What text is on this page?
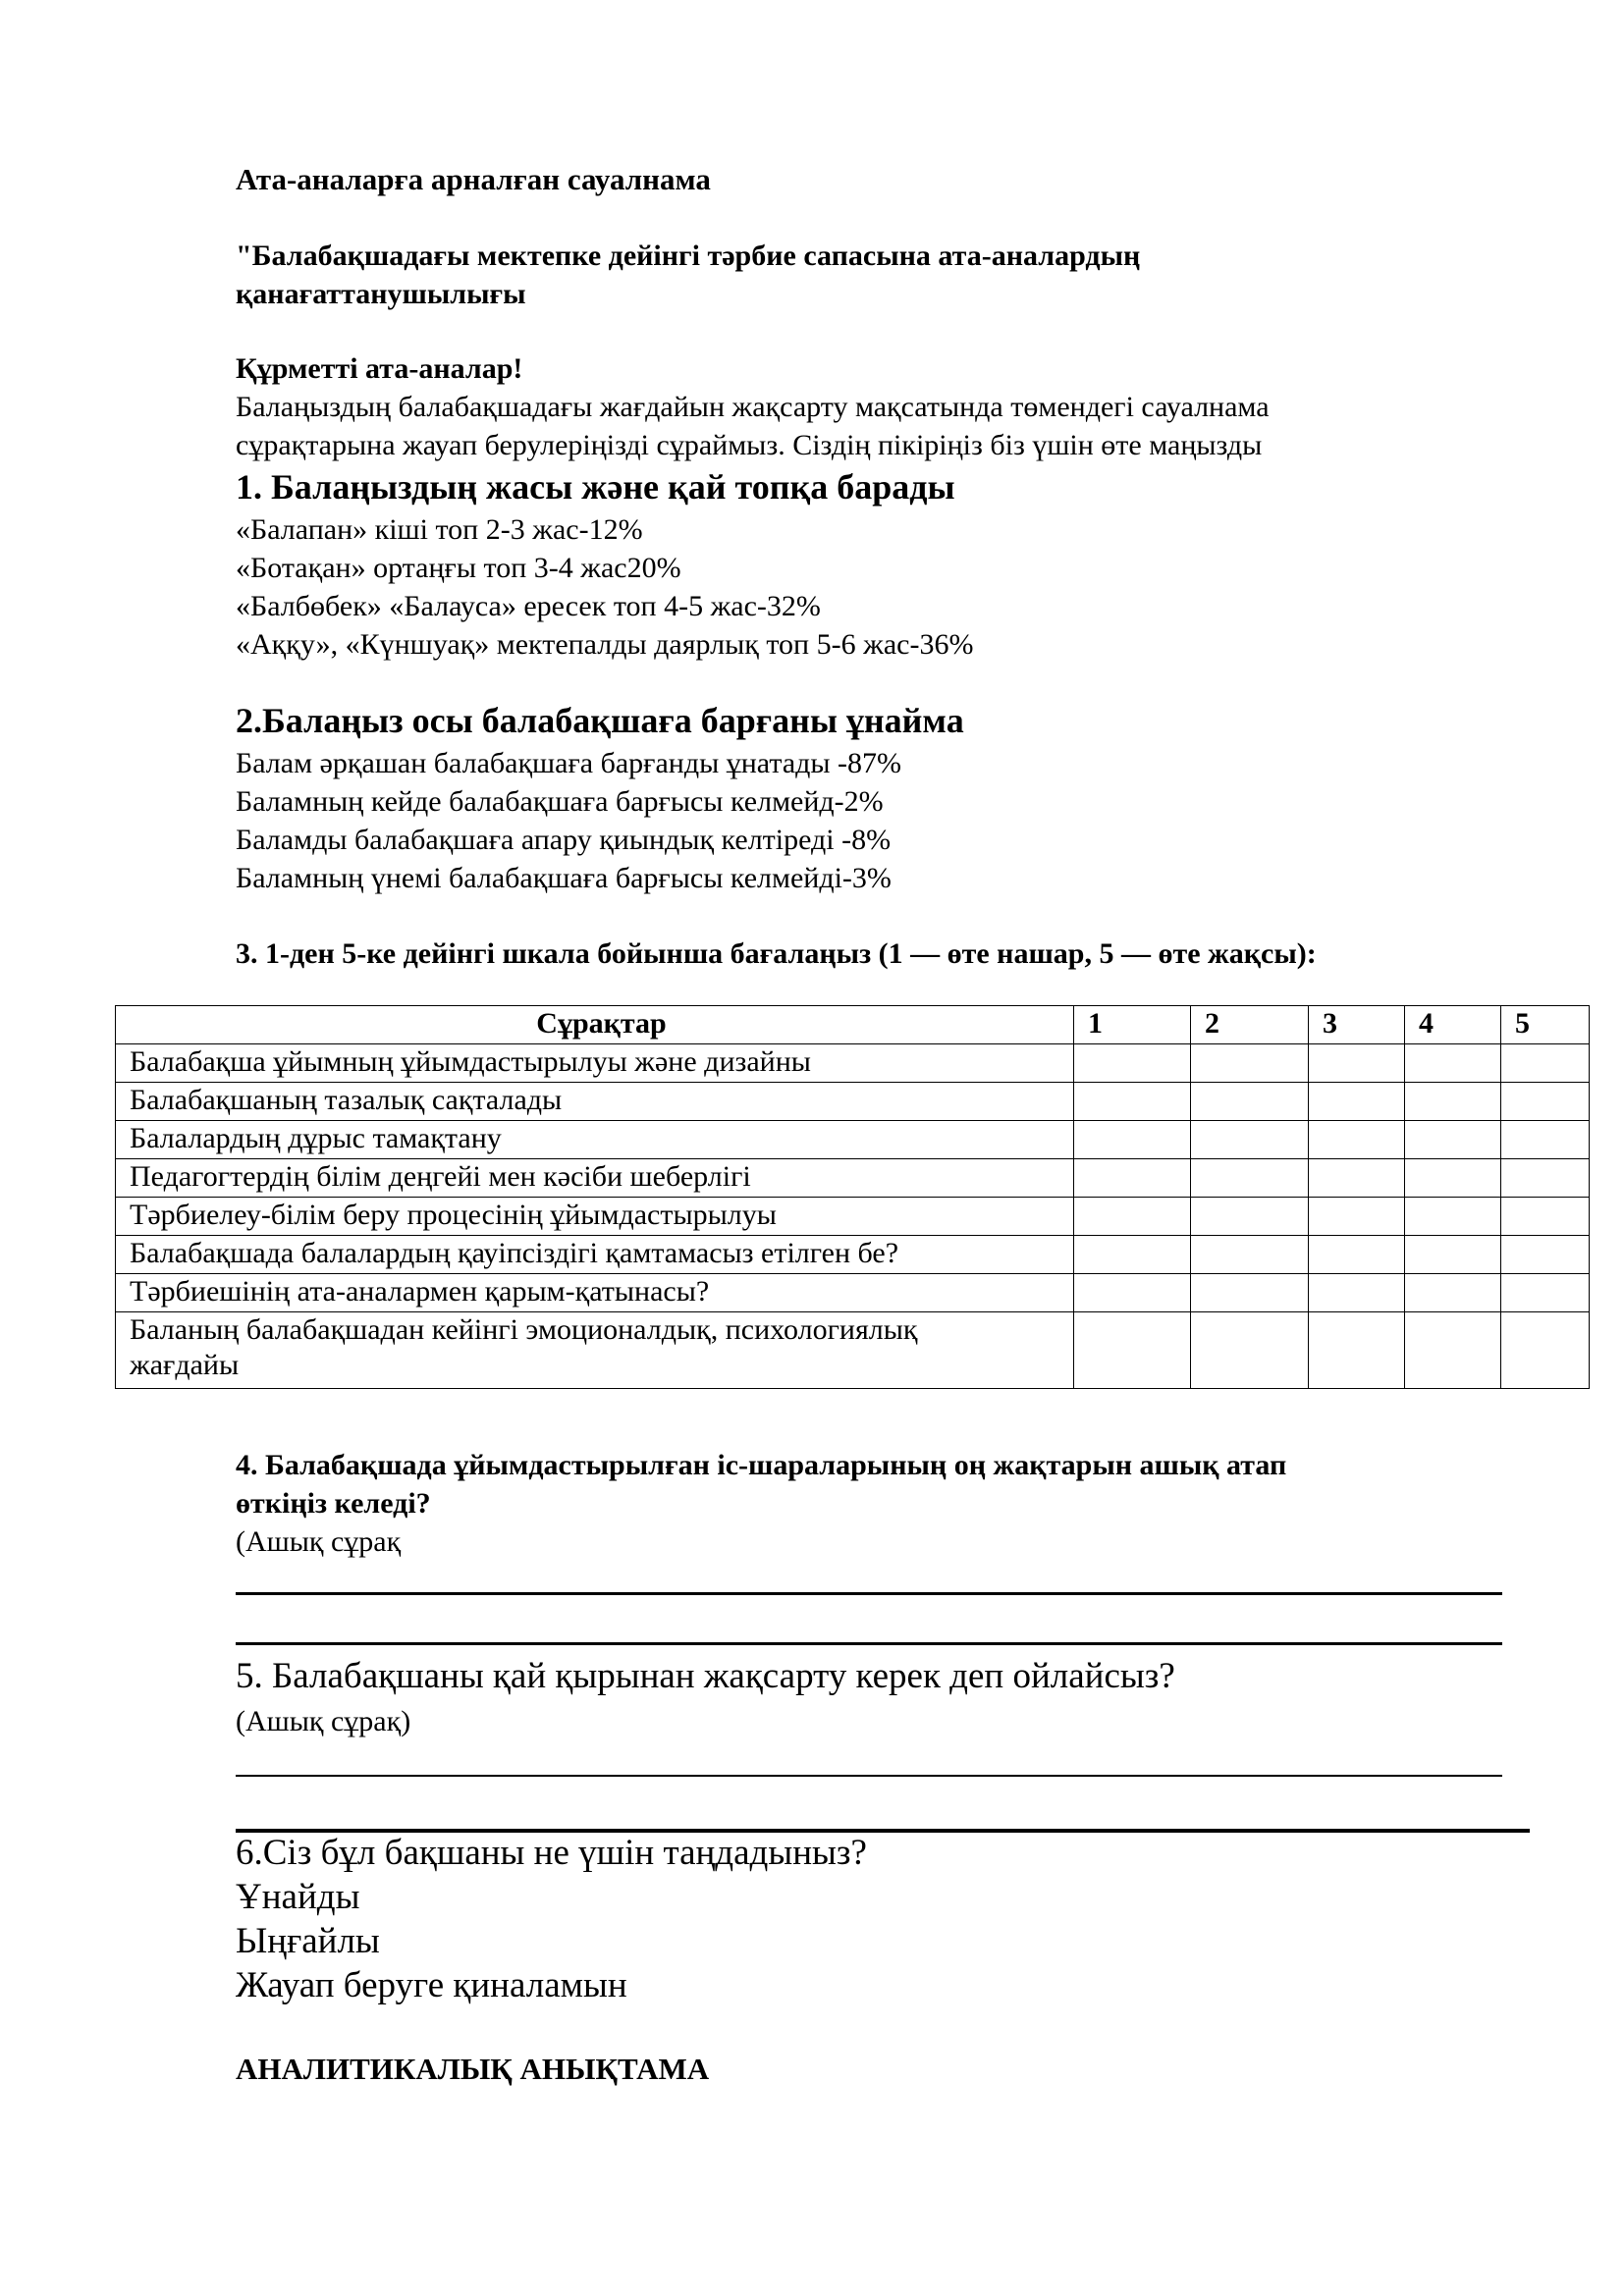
Ата-аналарға арналған сауалнама
"Балабақшадағы мектепке дейінгі тәрбие сапасына ата-аналардың
қанағаттанушылығы
Құрметті ата-аналар!
Балаңыздың балабақшадағы жағдайын жақсарту мақсатында төмендегі сауалнама
сұрақтарына жауап берулеріңізді сұраймыз. Сіздің пікіріңіз біз үшін өте маңызды
1. Балаңыздың жасы және қай топқа барады
«Балапан» кіші топ 2-3 жас-12%
«Ботақан» ортаңғы топ 3-4 жас20%
«Балбөбек» «Балауса» ересек топ 4-5 жас-32%
«Аққу», «Күншуақ» мектепалды даярлық топ 5-6 жас-36%
2.Балаңыз осы балабақшаға барғаны ұнайма
Балам әрқашан балабақшаға барғанды ұнатады -87%
Баламның кейде балабақшаға барғысы келмейд-2%
Баламды балабақшаға апару қиындық келтіреді -8%
Баламның үнемі балабақшаға барғысы келмейді-3%
3. 1-ден 5-ке дейінгі шкала бойынша бағалаңыз (1 — өте нашар, 5 — өте жақсы):
Сұрақтар	1	2	3	4	5
Балабақша ұйымның ұйымдастырылуы және дизайны					
Балабақшаның тазалық сақталады					
Балалардың дұрыс тамақтану					
Педагогтердің білім деңгейі мен кәсіби шеберлігі					
Тәрбиелеу-білім беру процесінің ұйымдастырылуы					
Балабақшада балалардың қауіпсіздігі қамтамасыз етілген бе?					
Тәрбиешінің ата-аналармен қарым-қатынасы?					
Баланың балабақшадан кейінгі эмоционалдық, психологиялық
жағдайы					
4. Балабақшада ұйымдастырылған іс-шараларының оң жақтарын ашық атап
өткіңіз келеді?
(Ашық сұрақ
5. Балабақшаны қай қырынан жақсарту керек деп ойлайсыз?
(Ашық сұрақ)
6.Сіз бұл бақшаны не үшін таңдадыныз?
Ұнайды
Ыңғайлы
Жауап беруге қиналамын
АНАЛИТИКАЛЫҚ АНЫҚТАМА
